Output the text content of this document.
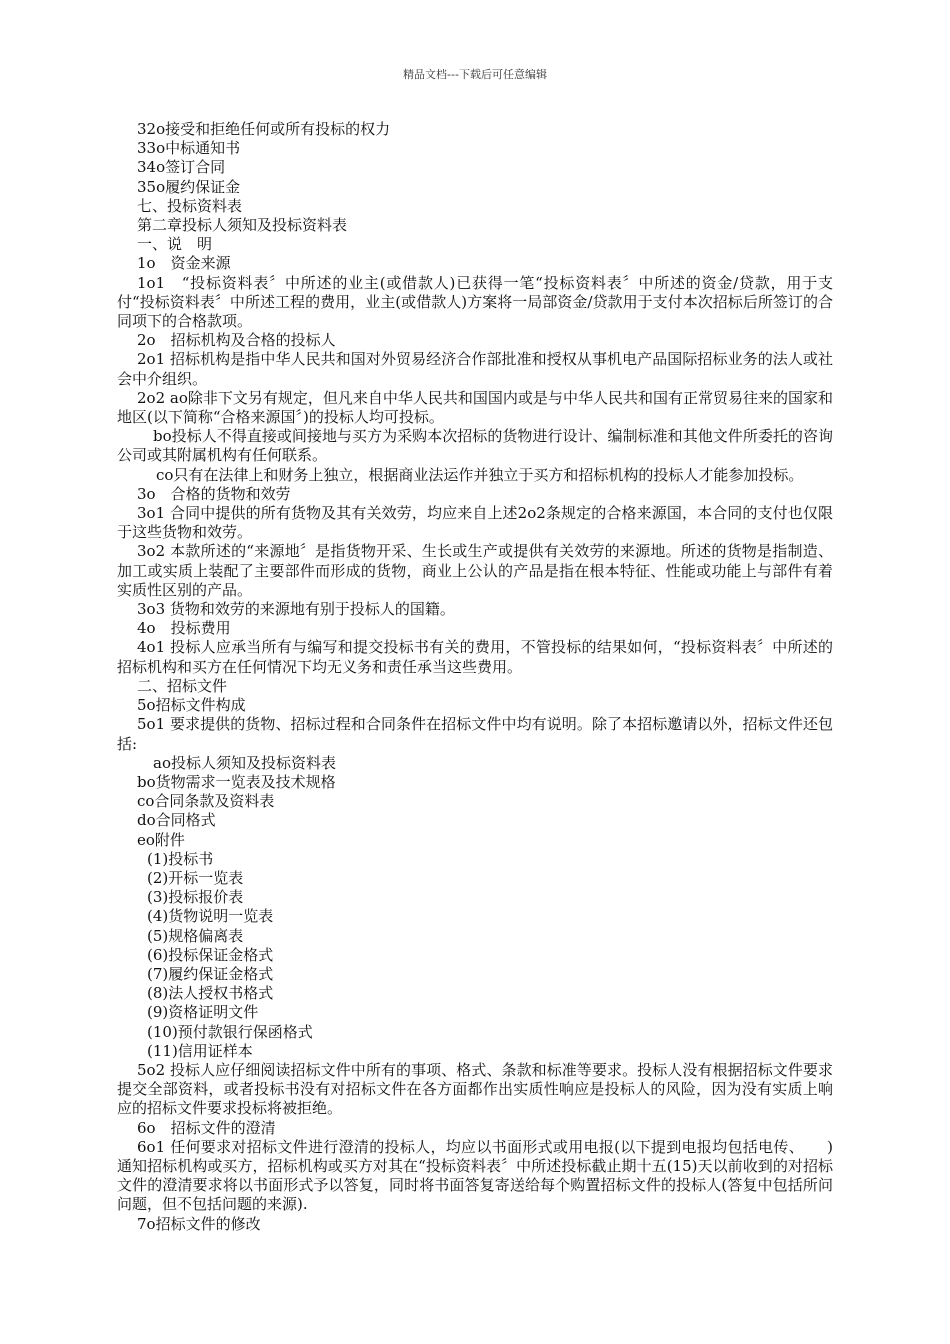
精品文档---下载后可任意编辑

32o接受和拒绝任何或所有投标的权力

33o中标通知书

34o签订合同

35o履约保证金

七、投标资料表

第二章投标人须知及投标资料表

一、说　明

1o　资金来源

1o1　“投标资料表〞中所述的业主(或借款人)已获得一笔“投标资料表〞中所述的资金/贷款，用于支付“投标资料表〞中所述工程的费用，业主(或借款人)方案将一局部资金/贷款用于支付本次招标后所签订的合同项下的合格款项。

2o　招标机构及合格的投标人

2o1 招标机构是指中华人民共和国对外贸易经济合作部批准和授权从事机电产品国际招标业务的法人或社会中介组织。

2o2 ao除非下文另有规定，但凡来自中华人民共和国国内或是与中华人民共和国有正常贸易往来的国家和地区(以下简称“合格来源国〞)的投标人均可投标。

bo投标人不得直接或间接地与买方为采购本次招标的货物进行设计、编制标准和其他文件所委托的咨询公司或其附属机构有任何联系。

co只有在法律上和财务上独立，根据商业法运作并独立于买方和招标机构的投标人才能参加投标。

3o　合格的货物和效劳

3o1 合同中提供的所有货物及其有关效劳，均应来自上述2o2条规定的合格来源国，本合同的支付也仅限于这些货物和效劳。

3o2 本款所述的“来源地〞是指货物开采、生长或生产或提供有关效劳的来源地。所述的货物是指制造、加工或实质上装配了主要部件而形成的货物，商业上公认的产品是指在根本特征、性能或功能上与部件有着实质性区别的产品。

3o3 货物和效劳的来源地有别于投标人的国籍。

4o　投标费用

4o1 投标人应承当所有与编写和提交投标书有关的费用，不管投标的结果如何，“投标资料表〞中所述的招标机构和买方在任何情况下均无义务和责任承当这些费用。

二、招标文件

5o招标文件构成

5o1 要求提供的货物、招标过程和合同条件在招标文件中均有说明。除了本招标邀请以外，招标文件还包括:

ao投标人须知及投标资料表

bo货物需求一览表及技术规格

co合同条款及资料表

do合同格式

eo附件

(1)投标书

(2)开标一览表

(3)投标报价表

(4)货物说明一览表

(5)规格偏离表

(6)投标保证金格式

(7)履约保证金格式

(8)法人授权书格式

(9)资格证明文件

(10)预付款银行保函格式

(11)信用证样本

5o2 投标人应仔细阅读招标文件中所有的事项、格式、条款和标准等要求。投标人没有根据招标文件要求提交全部资料，或者投标书没有对招标文件在各方面都作出实质性响应是投标人的风险，因为没有实质上响应的招标文件要求投标将被拒绝。

6o　招标文件的澄清

6o1 任何要求对招标文件进行澄清的投标人，均应以书面形式或用电报(以下提到电报均包括电传、　　)通知招标机构或买方，招标机构或买方对其在“投标资料表〞中所述投标截止期十五(15)天以前收到的对招标文件的澄清要求将以书面形式予以答复，同时将书面答复寄送给每个购置招标文件的投标人(答复中包括所问问题，但不包括问题的来源).

7o招标文件的修改
